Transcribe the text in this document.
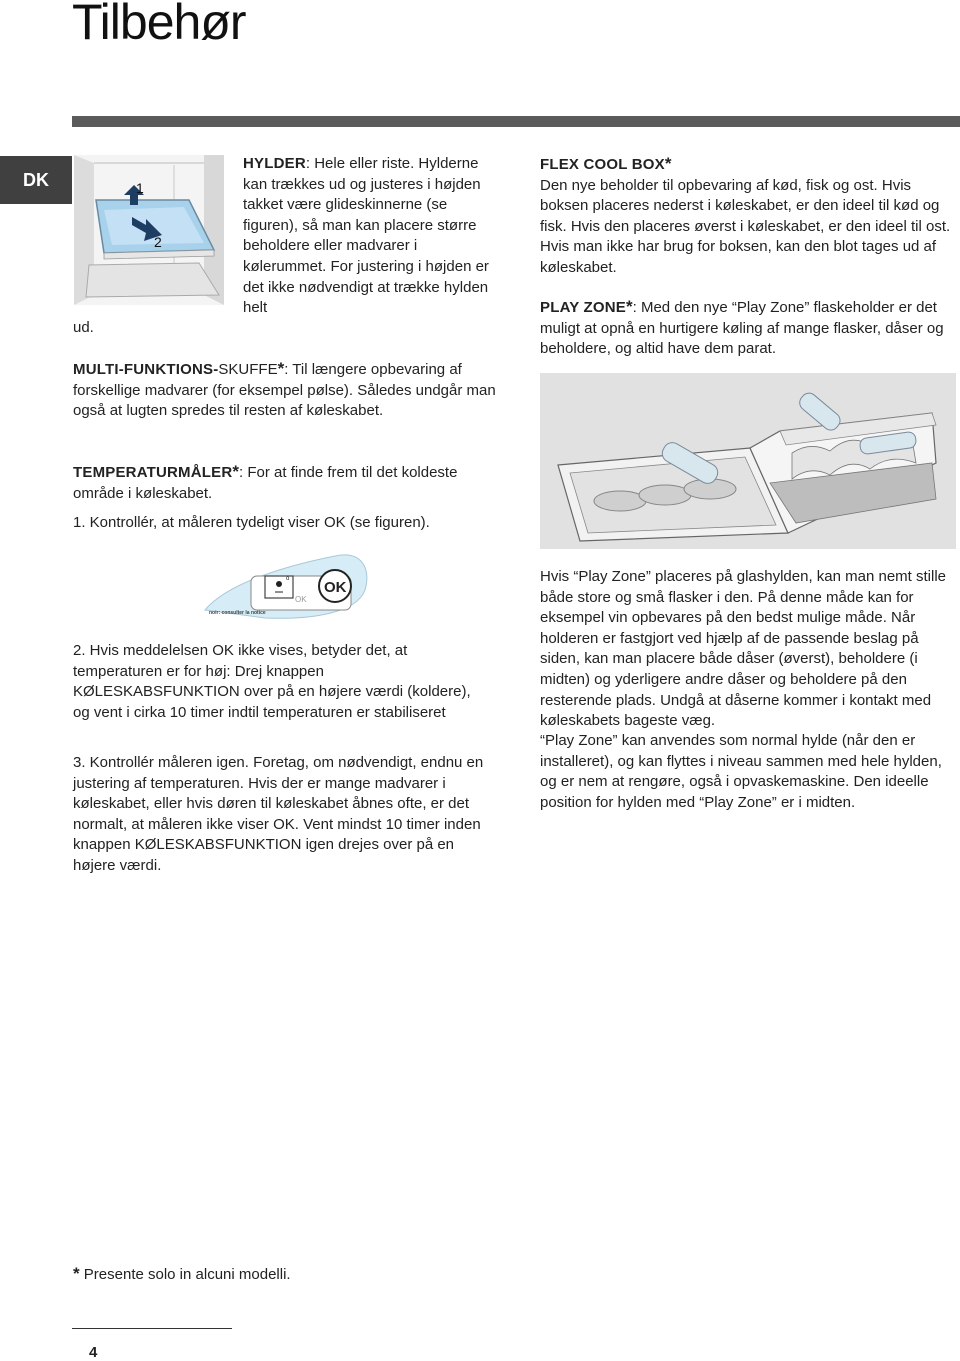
Tilbehør
DK	1
2

HYLDER: Hele eller riste. Hylderne kan trækkes ud og justeres i højden takket være glideskinnerne (se figuren), så man kan placere større beholdere eller madvarer i kølerummet. For justering i højden er det ikke nødvendigt at trække hylden helt

ud.

MULTI-FUNKTIONS-SKUFFE*: Til længere opbevaring af forskellige madvarer (for eksempel pølse). Således undgår man også at lugten spredes til resten af køleskabet.

TEMPERATURMÅLER*: For at finde frem til det koldeste område i køleskabet.

1. Kontrollér, at måleren tydeligt viser OK (se figuren).

o
OK
OK
noir: consulter la notice

2. Hvis meddelelsen OK ikke vises, betyder det, at temperaturen er for høj: Drej knappen KØLESKABSFUNKTION over på en højere værdi (koldere), og vent i cirka 10 timer indtil temperaturen er stabiliseret

3. Kontrollér måleren igen. Foretag, om nødvendigt, endnu en justering af temperaturen. Hvis der er mange madvarer i køleskabet, eller hvis døren til køleskabet åbnes ofte, er det normalt, at måleren ikke viser OK. Vent mindst 10 timer inden knappen KØLESKABSFUNKTION igen drejes over på en højere værdi.

FLEX COOL BOX*
Den nye beholder til opbevaring af kød, fisk og ost. Hvis boksen placeres nederst i køleskabet, er den ideel til kød og fisk. Hvis den placeres øverst i køleskabet, er den ideel til ost. Hvis man ikke har brug for boksen, kan den blot tages ud af køleskabet.

PLAY ZONE*: Med den nye “Play Zone” flaskeholder er det muligt at opnå en hurtigere køling af mange flasker, dåser og beholdere, og altid have dem parat.

Hvis “Play Zone” placeres på glashylden, kan man nemt stille både store og små flasker i den. På denne måde kan for eksempel vin opbevares på den bedst mulige måde. Når holderen er fastgjort ved hjælp af de passende beslag på siden, kan man placere både dåser (øverst), beholdere (i midten) og yderligere andre dåser og beholdere på den resterende plads. Undgå at dåserne kommer i kontakt med køleskabets bageste væg.

“Play Zone” kan anvendes som normal hylde (når den er installeret), og kan flyttes i niveau sammen med hele hylden, og er nem at rengøre, også i opvaskemaskine. Den ideelle position for hylden med “Play Zone” er i midten.

* Presente solo in alcuni modelli.

4
